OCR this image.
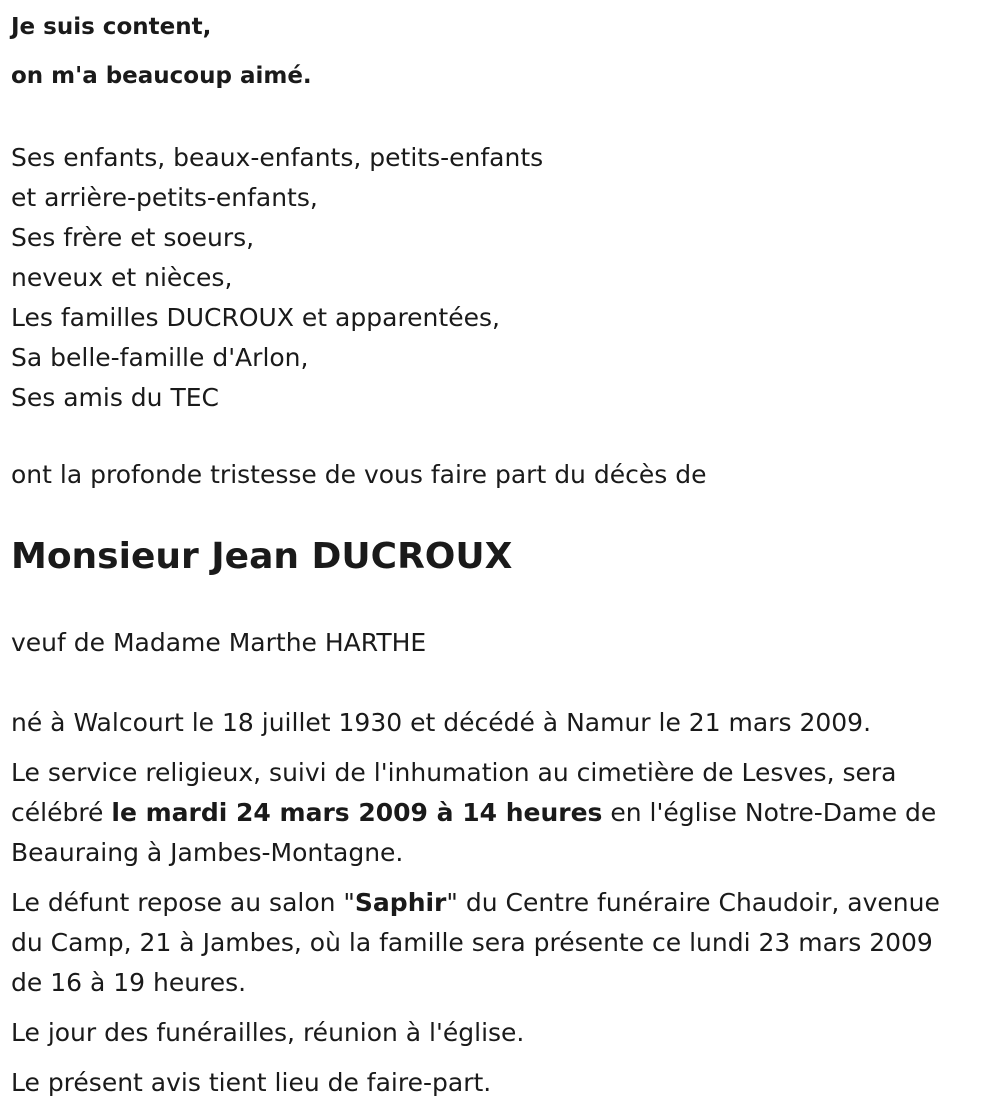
Je suis content,
on m'a beaucoup aimé.
Ses enfants, beaux-enfants, petits-enfants
et arrière-petits-enfants,
Ses frère et soeurs,
neveux et nièces,
Les familles DUCROUX et apparentées,
Sa belle-famille d'Arlon,
Ses amis du TEC
ont la profonde tristesse de vous faire part du décès de
Monsieur Jean DUCROUX
veuf de Madame Marthe HARTHE

né à Walcourt le 18 juillet 1930 et décédé à Namur le 21 mars 2009.

Le service religieux, suivi de l'inhumation au cimetière de Lesves, sera
célébré le mardi 24 mars 2009 à 14 heures en l'église Notre-Dame de
Beauraing à Jambes-Montagne.

Le défunt repose au salon "Saphir" du Centre funéraire Chaudoir, avenue
du Camp, 21 à Jambes, où la famille sera présente ce lundi 23 mars 2009
de 16 à 19 heures.

Le jour des funérailles, réunion à l'église.

Le présent avis tient lieu de faire-part.
